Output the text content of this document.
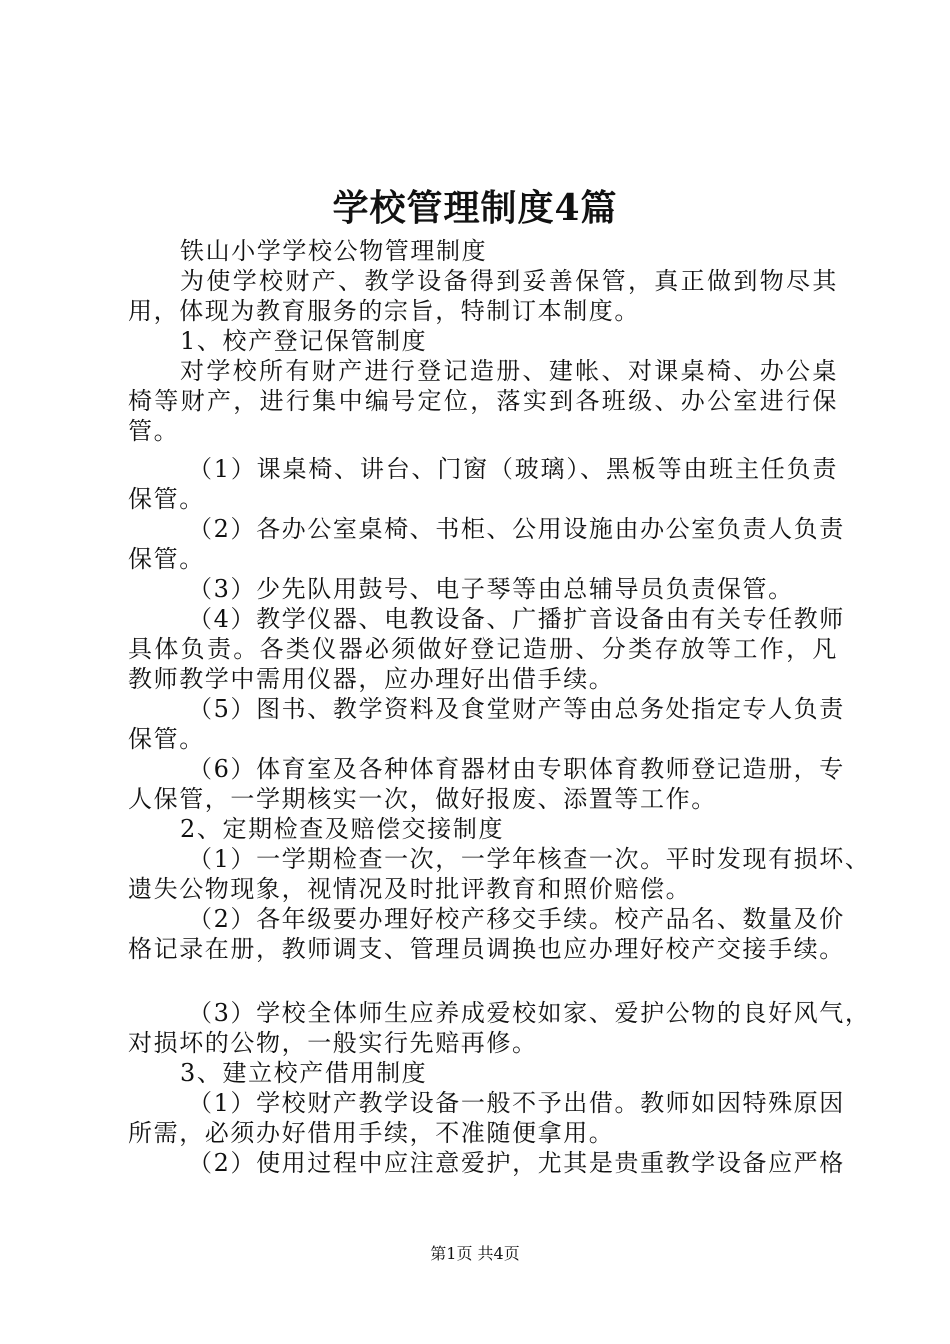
学校管理制度4篇
铁山小学学校公物管理制度
为使学校财产、教学设备得到妥善保管，真正做到物尽其
用，体现为教育服务的宗旨，特制订本制度。
1、校产登记保管制度
对学校所有财产进行登记造册、建帐、对课桌椅、办公桌
椅等财产，进行集中编号定位，落实到各班级、办公室进行保
管。
（1）课桌椅、讲台、门窗（玻璃）、黑板等由班主任负责
保管。
（2）各办公室桌椅、书柜、公用设施由办公室负责人负责
保管。
（3）少先队用鼓号、电子琴等由总辅导员负责保管。
（4）教学仪器、电教设备、广播扩音设备由有关专任教师
具体负责。各类仪器必须做好登记造册、分类存放等工作，凡
教师教学中需用仪器，应办理好出借手续。
（5）图书、教学资料及食堂财产等由总务处指定专人负责
保管。
（6）体育室及各种体育器材由专职体育教师登记造册，专
人保管，一学期核实一次，做好报废、添置等工作。
2、定期检查及赔偿交接制度
（1）一学期检查一次，一学年核查一次。平时发现有损坏、
遗失公物现象，视情况及时批评教育和照价赔偿。
（2）各年级要办理好校产移交手续。校产品名、数量及价
格记录在册，教师调支、管理员调换也应办理好校产交接手续。
（3）学校全体师生应养成爱校如家、爱护公物的良好风气，
对损坏的公物，一般实行先赔再修。
3、建立校产借用制度
（1）学校财产教学设备一般不予出借。教师如因特殊原因
所需，必须办好借用手续，不准随便拿用。
（2）使用过程中应注意爱护，尤其是贵重教学设备应严格
第1页 共4页
